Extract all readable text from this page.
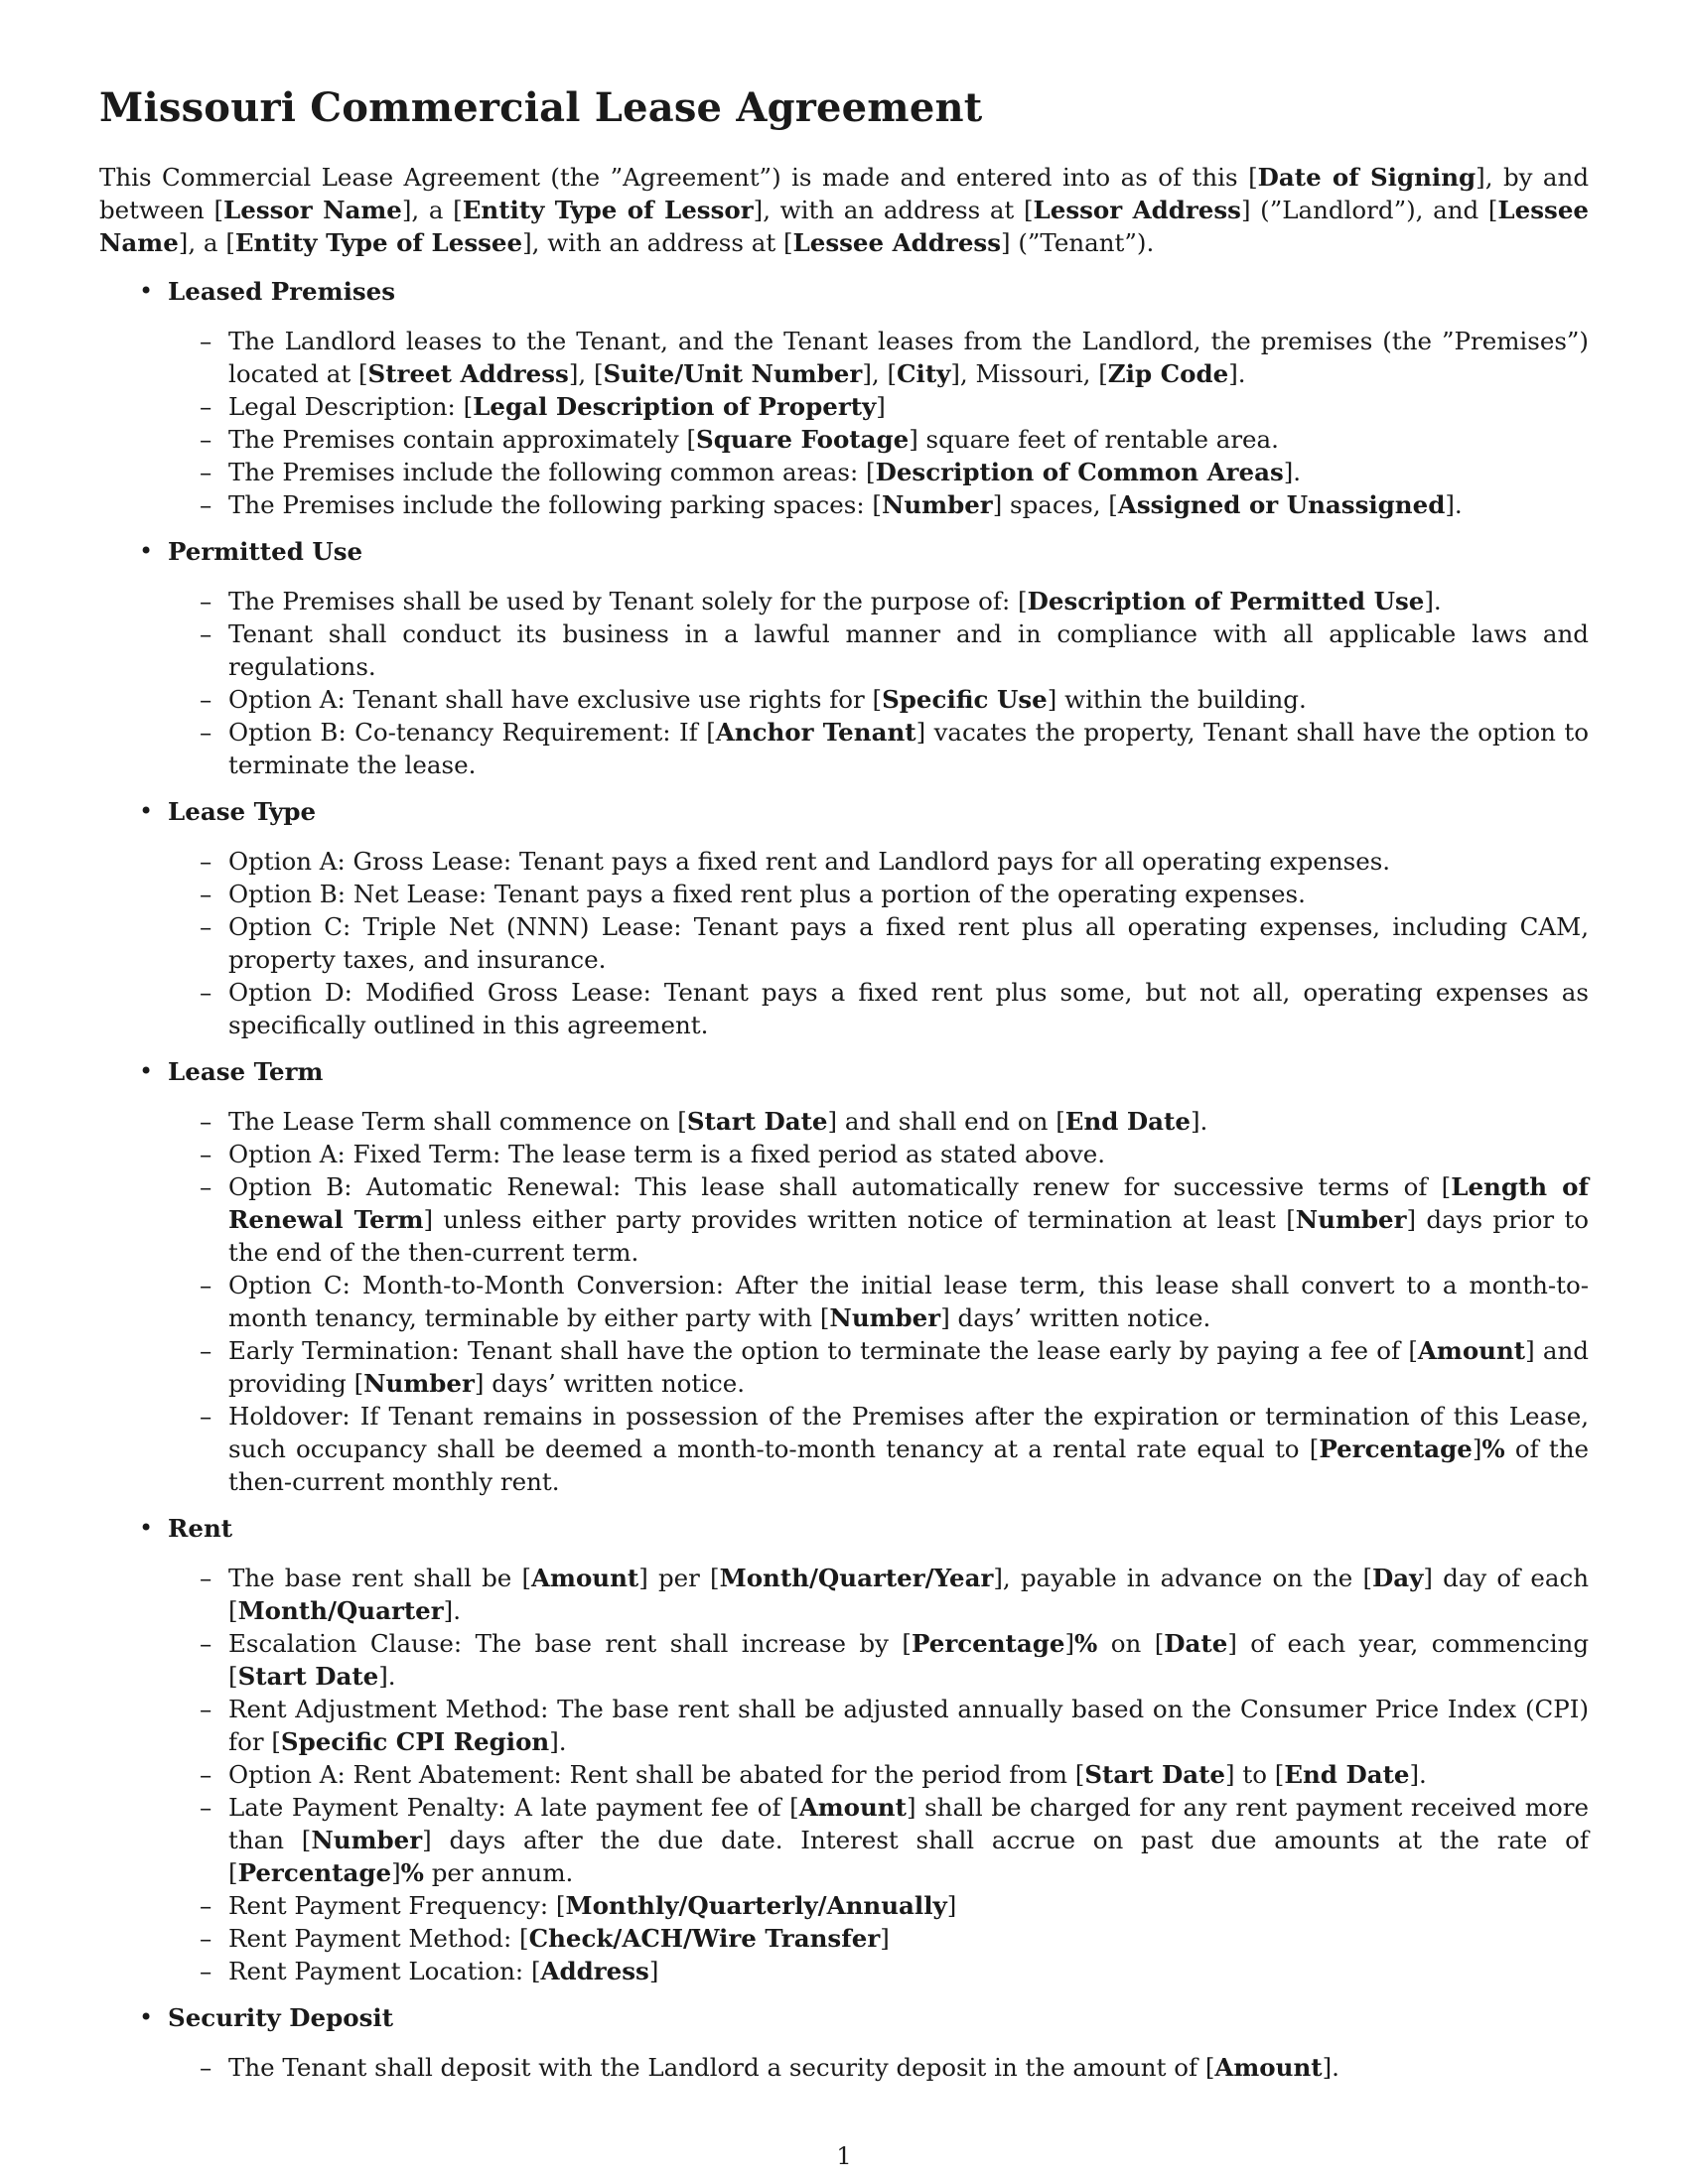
Missouri Commercial Lease Agreement

This Commercial Lease Agreement (the ”Agreement”) is made and entered into as of this [Date of Signing], by and between [Lessor Name], a [Entity Type of Lessor], with an address at [Lessor Address] (”Landlord”), and [Lessee Name], a [Entity Type of Lessee], with an address at [Lessee Address] (”Tenant”).

• Leased Premises
– The Landlord leases to the Tenant, and the Tenant leases from the Landlord, the premises (the ”Premises”) located at [Street Address], [Suite/Unit Number], [City], Missouri, [Zip Code].
– Legal Description: [Legal Description of Property]
– The Premises contain approximately [Square Footage] square feet of rentable area.
– The Premises include the following common areas: [Description of Common Areas].
– The Premises include the following parking spaces: [Number] spaces, [Assigned or Unassigned].
• Permitted Use
– The Premises shall be used by Tenant solely for the purpose of: [Description of Permitted Use].
– Tenant shall conduct its business in a lawful manner and in compliance with all applicable laws and regulations.
– Option A: Tenant shall have exclusive use rights for [Specific Use] within the building.
– Option B: Co-tenancy Requirement: If [Anchor Tenant] vacates the property, Tenant shall have the option to terminate the lease.
• Lease Type
– Option A: Gross Lease: Tenant pays a fixed rent and Landlord pays for all operating expenses.
– Option B: Net Lease: Tenant pays a fixed rent plus a portion of the operating expenses.
– Option C: Triple Net (NNN) Lease: Tenant pays a fixed rent plus all operating expenses, including CAM, property taxes, and insurance.
– Option D: Modified Gross Lease: Tenant pays a fixed rent plus some, but not all, operating expenses as specifically outlined in this agreement.
• Lease Term
– The Lease Term shall commence on [Start Date] and shall end on [End Date].
– Option A: Fixed Term: The lease term is a fixed period as stated above.
– Option B: Automatic Renewal: This lease shall automatically renew for successive terms of [Length of Renewal Term] unless either party provides written notice of termination at least [Number] days prior to the end of the then-current term.
– Option C: Month-to-Month Conversion: After the initial lease term, this lease shall convert to a month-to-month tenancy, terminable by either party with [Number] days’ written notice.
– Early Termination: Tenant shall have the option to terminate the lease early by paying a fee of [Amount] and providing [Number] days’ written notice.
– Holdover: If Tenant remains in possession of the Premises after the expiration or termination of this Lease, such occupancy shall be deemed a month-to-month tenancy at a rental rate equal to [Percentage]% of the then-current monthly rent.
• Rent
– The base rent shall be [Amount] per [Month/Quarter/Year], payable in advance on the [Day] day of each [Month/Quarter].
– Escalation Clause: The base rent shall increase by [Percentage]% on [Date] of each year, commencing [Start Date].
– Rent Adjustment Method: The base rent shall be adjusted annually based on the Consumer Price Index (CPI) for [Specific CPI Region].
– Option A: Rent Abatement: Rent shall be abated for the period from [Start Date] to [End Date].
– Late Payment Penalty: A late payment fee of [Amount] shall be charged for any rent payment received more than [Number] days after the due date. Interest shall accrue on past due amounts at the rate of [Percentage]% per annum.
– Rent Payment Frequency: [Monthly/Quarterly/Annually]
– Rent Payment Method: [Check/ACH/Wire Transfer]
– Rent Payment Location: [Address]
• Security Deposit
– The Tenant shall deposit with the Landlord a security deposit in the amount of [Amount].
1
